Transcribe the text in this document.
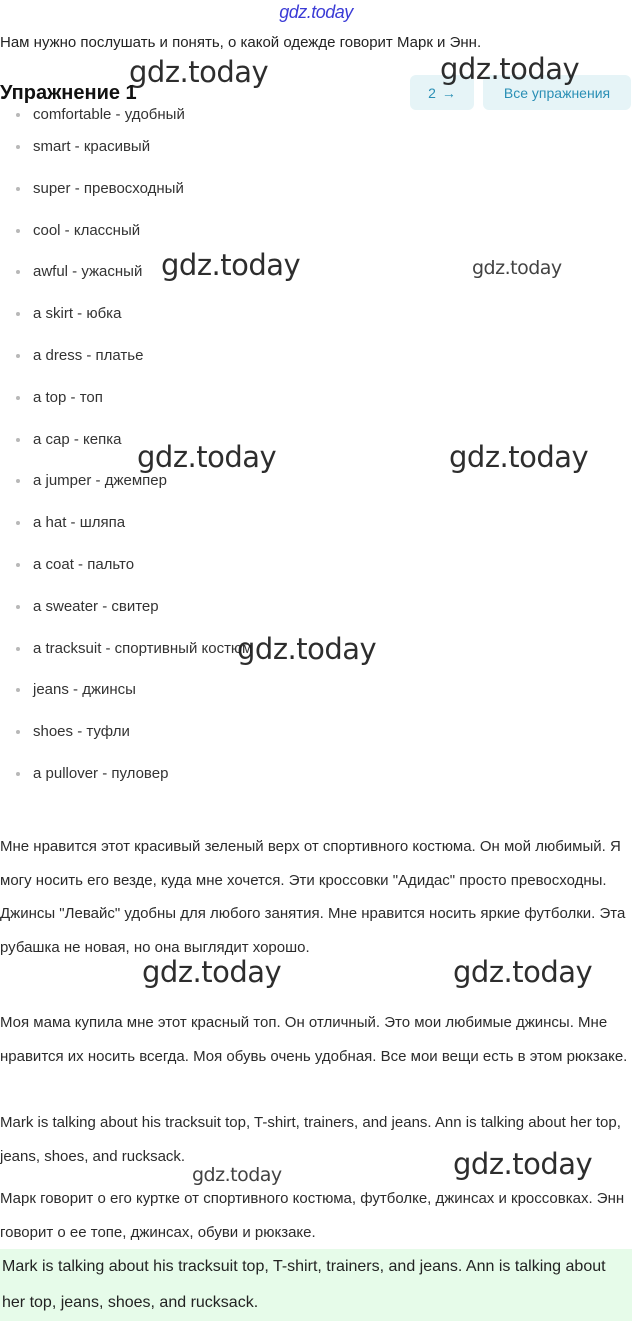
gdz.today
Нам нужно послушать и понять, о какой одежде говорит Марк и Энн.
Упражнение 1	2 →	Все упражнения
comfortable - удобный
smart - красивый
super - превосходный
cool - классный
awful - ужасный
a skirt - юбка
a dress - платье
a top - топ
a cap - кепка
a jumper - джемпер
a hat - шляпа
a coat - пальто
a sweater - свитер
a tracksuit - спортивный костюм
jeans - джинсы
shoes - туфли
a pullover - пуловер

Мне нравится этот красивый зеленый верх от спортивного костюма. Он мой любимый. Я могу носить его везде, куда мне хочется. Эти кроссовки "Адидас" просто превосходны. Джинсы "Левайс" удобны для любого занятия. Мне нравится носить яркие футболки. Эта рубашка не новая, но она выглядит хорошо.

Моя мама купила мне этот красный топ. Он отличный. Это мои любимые джинсы. Мне нравится их носить всегда. Моя обувь очень удобная. Все мои вещи есть в этом рюкзаке.

Mark is talking about his tracksuit top, T-shirt, trainers, and jeans. Ann is talking about her top, jeans, shoes, and rucksack.

Марк говорит о его куртке от спортивного костюма, футболке, джинсах и кроссовках. Энн говорит о ее топе, джинсах, обуви и рюкзаке.

Mark is talking about his tracksuit top, T-shirt, trainers, and jeans. Ann is talking about her top, jeans, shoes, and rucksack.
gdz.today	gdz.today
gdz.today	gdz.today
gdz.today	gdz.today
gdz.today
gdz.today	gdz.today
gdz.today	gdz.today
